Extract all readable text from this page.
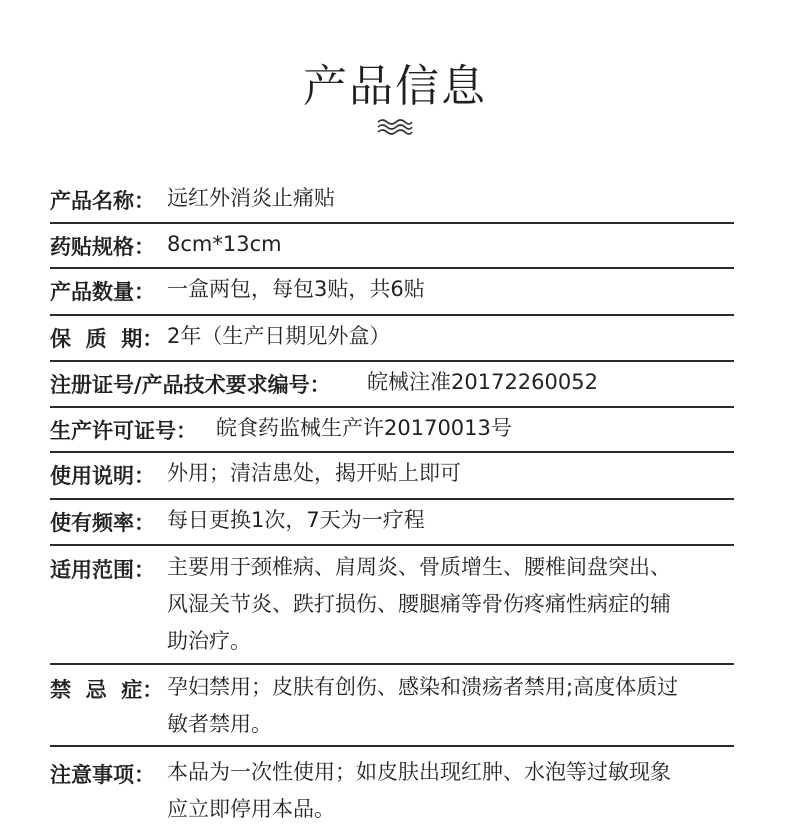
产品信息
产品名称： 远红外消炎止痛贴
药贴规格： 8cm*13cm
产品数量： 一盒两包，每包3贴，共6贴
保  质  期： 2年（生产日期见外盒）
注册证号/产品技术要求编号： 皖械注准20172260052
生产许可证号： 皖食药监械生产许20170013号
使用说明： 外用；清洁患处，揭开贴上即可
使有频率： 每日更换1次，7天为一疗程
适用范围： 主要用于颈椎病、肩周炎、骨质增生、腰椎间盘突出、
风湿关节炎、跌打损伤、腰腿痛等骨伤疼痛性病症的辅
助治疗。
禁  忌  症： 孕妇禁用；皮肤有创伤、感染和溃疡者禁用;高度体质过
敏者禁用。
注意事项： 本品为一次性使用；如皮肤出现红肿、水泡等过敏现象
应立即停用本品。
